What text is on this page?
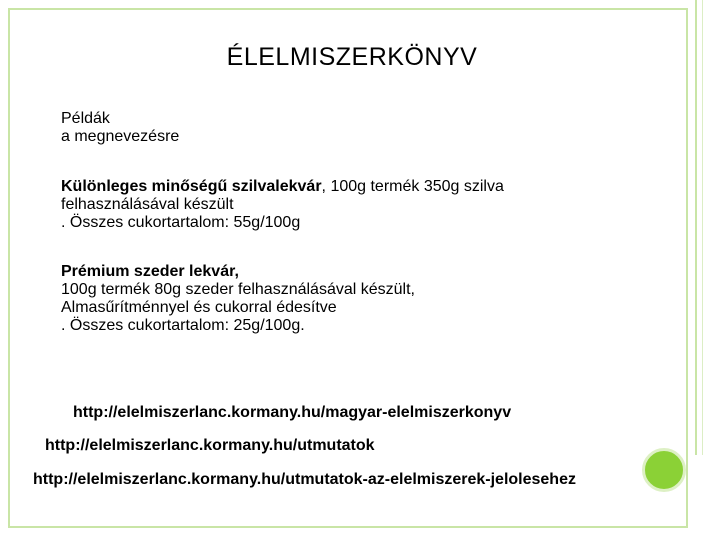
ÉLELMISZERKÖNYV

Példák

a megnevezésre

Különleges minőségű szilvalekvár, 100g termék 350g szilva

felhasználásával készült

. Összes cukortartalom: 55g/100g

Prémium szeder lekvár,

100g termék 80g szeder felhasználásával készült,

Almasűrítménnyel és cukorral édesítve

. Összes cukortartalom: 25g/100g.

http://elelmiszerlanc.kormany.hu/magyar-elelmiszerkonyv
http://elelmiszerlanc.kormany.hu/utmutatok
http://elelmiszerlanc.kormany.hu/utmutatok-az-elelmiszerek-jelolesehez
